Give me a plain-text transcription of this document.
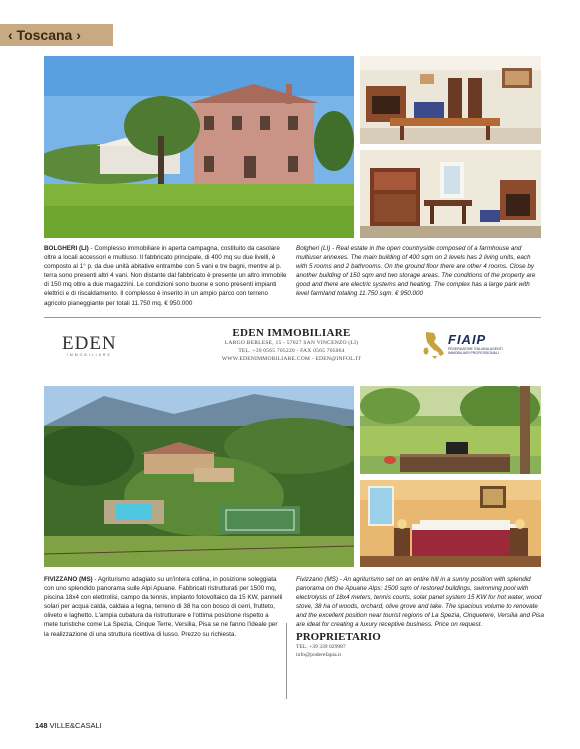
‹ Toscana ›
BOLGHERI (LI) - Complesso immobiliare in aperta campagna, costituito da casolare oltre a locali accessori e multiuso. Il fabbricato principale, di 400 mq su due livelli, è composto al 1° p. da due unità abitative entrambe con 5 vani e tre bagni, mentre al p. terra sono presenti altri 4 vani. Non distante dal fabbricato è presente un altro immobile di 150 mq oltre a due magazzini. Le condizioni sono buone e sono presenti impianti elettrici e di riscaldamento. Il complesso è inserito in un ampio parco con terreno agricolo pianeggiante per totali 11.750 mq. € 950.000
Bolgheri (LI) - Real estate in the open countryside composed of a farmhouse and multiuser annexes. The main building of 400 sqm on 2 levels has 2 living units, each with 5 rooms and 2 bathrooms. On the ground floor there are other 4 rooms. Close by another building of 150 sqm and two storage areas. The conditions of the property are good and there are electric systems and heating. The complex has a large park with level farmland totaling 11.750 sqm. € 950.000
EDEN
IMMOBILIARE
EDEN IMMOBILIARE
LARGO BERLESE, 15 - 57027 SAN VINCENZO (LI)
TEL. +39 0565 705220 - FAX 0565 705064
WWW.EDENIMMOBILIARE.COM - EDEN@INFOL.IT
FIAIP
FEDERAZIONE ITALIANA AGENTI IMMOBILIARI PROFESSIONALI
FIVIZZANO (MS) - Agriturismo adagiato su un'intera collina, in posizione soleggiata con uno splendido panorama sulle Alpi Apuane. Fabbricati ristrutturati per 1500 mq, piscina 18x4 con elettrolisi, campo da tennis, impianto fotovoltaico da 15 KW, pannelli solari per acqua calda, caldaia a legna, terreno di 38 ha con bosco di cerri, frutteto, oliveto e laghetto. L'ampia cubatura da ristrutturare e l'ottima posizione rispetto a mete turistiche come La Spezia, Cinque Terre, Versilia, Pisa se ne fanno l'ideale per la realizzazione di una struttura ricettiva di lusso. Prezzo su richiesta.
Fivizzano (MS) - An agriturismo set on an entire hill in a sunny position with splendid panorama on the Apuane Alps: 1500 sqm of restored buildings, swimming pool with electrolysis of 18x4 meters, tennis courts, solar panel system 15 KW for hot water, wood stove, 38 ha of woods, orchard, olive grove and lake. The spacious volume to renovate and the excellent position near tourist regions of La Spezia, Cinquetere, Versilia and Pisa are ideal for creating a luxury receptive business. Price on request.
PROPRIETARIO
TEL. +39 339 029987
info@poderefapia.it
148 VILLE&CASALI
